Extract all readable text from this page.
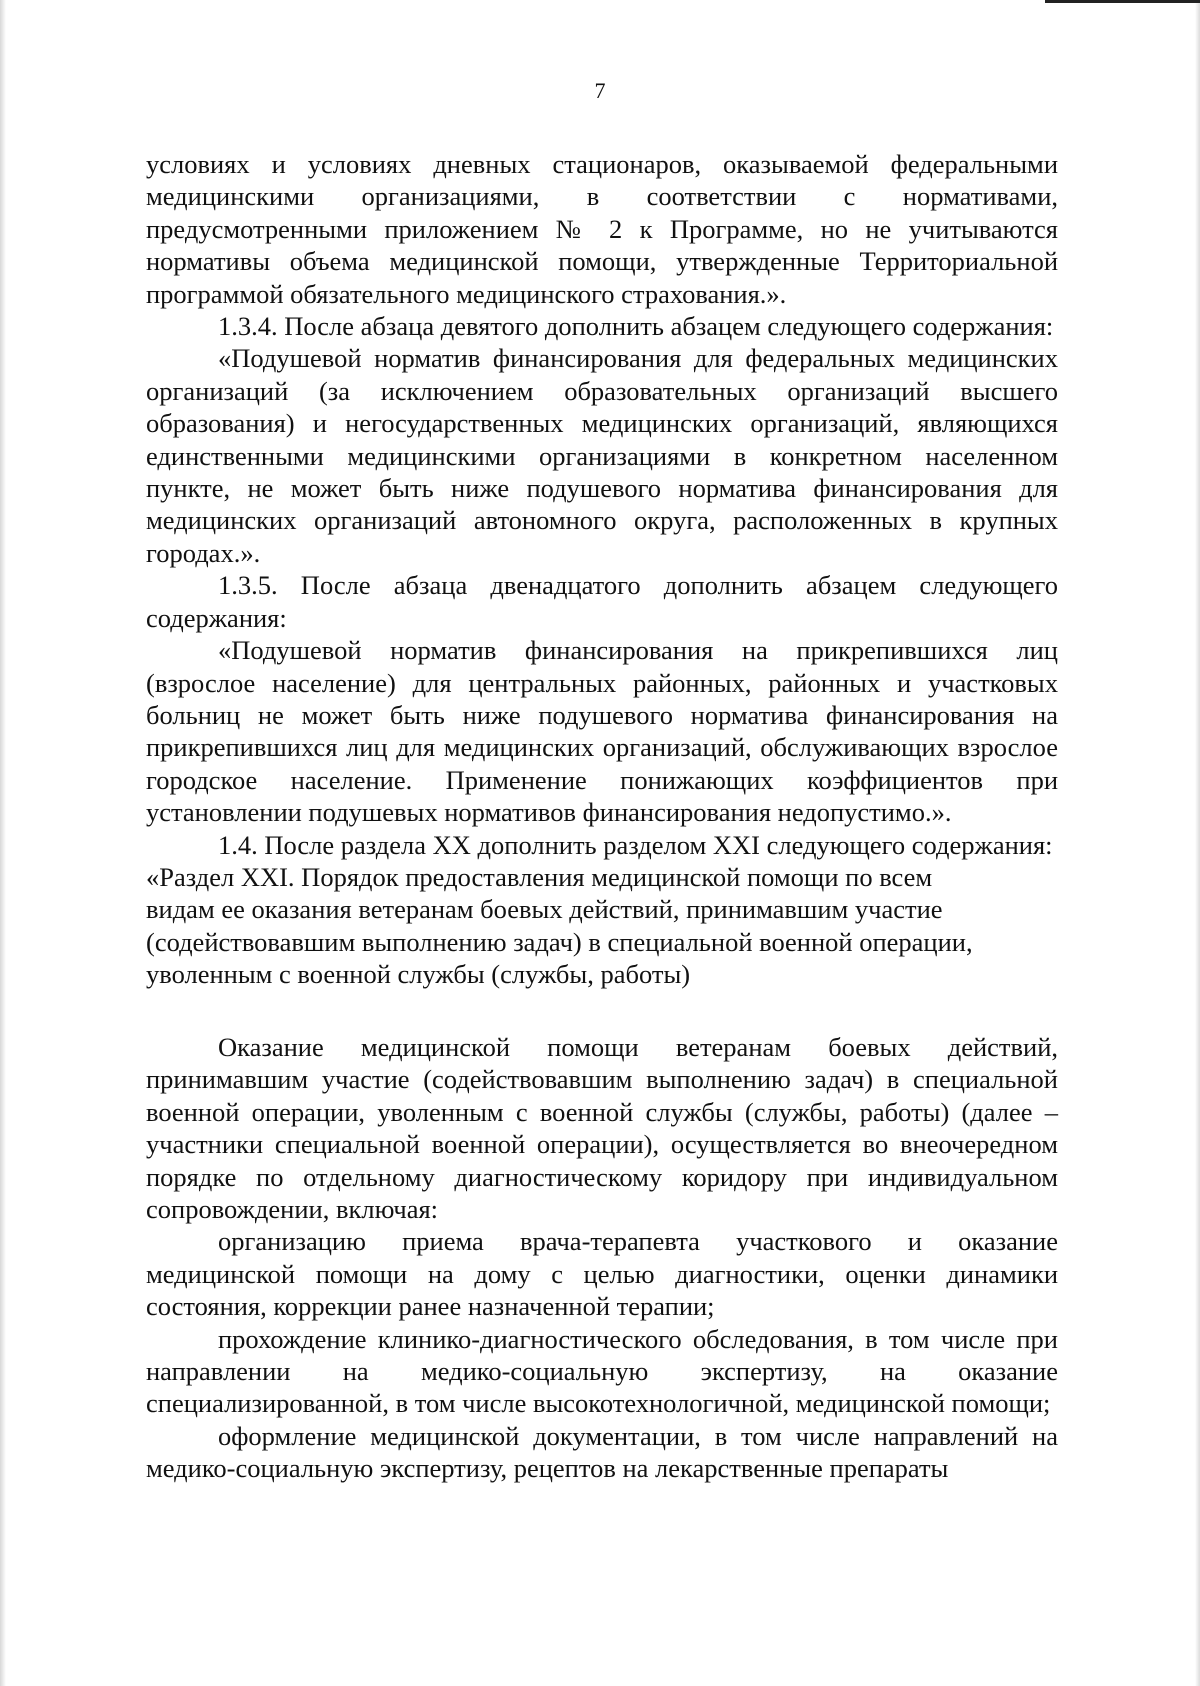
7

условиях и условиях дневных стационаров, оказываемой федеральными медицинскими организациями, в соответствии с нормативами, предусмотренными приложением № 2 к Программе, но не учитываются нормативы объема медицинской помощи, утвержденные Территориальной программой обязательного медицинского страхования.».

1.3.4. После абзаца девятого дополнить абзацем следующего содержания:

«Подушевой норматив финансирования для федеральных медицинских организаций (за исключением образовательных организаций высшего образования) и негосударственных медицинских организаций, являющихся единственными медицинскими организациями в конкретном населенном пункте, не может быть ниже подушевого норматива финансирования для медицинских организаций автономного округа, расположенных в крупных городах.».

1.3.5. После абзаца двенадцатого дополнить абзацем следующего содержания:

«Подушевой норматив финансирования на прикрепившихся лиц (взрослое население) для центральных районных, районных и участковых больниц не может быть ниже подушевого норматива финансирования на прикрепившихся лиц для медицинских организаций, обслуживающих взрослое городское население. Применение понижающих коэффициентов при установлении подушевых нормативов финансирования недопустимо.».

1.4. После раздела XX дополнить разделом XXI следующего содержания:

«Раздел XXI. Порядок предоставления медицинской помощи по всем

видам ее оказания ветеранам боевых действий, принимавшим участие

(содействовавшим выполнению задач) в специальной военной операции,

уволенным с военной службы (службы, работы)

Оказание медицинской помощи ветеранам боевых действий, принимавшим участие (содействовавшим выполнению задач) в специальной военной операции, уволенным с военной службы (службы, работы) (далее – участники специальной военной операции), осуществляется во внеочередном порядке по отдельному диагностическому коридору при индивидуальном сопровождении, включая:

организацию приема врача-терапевта участкового и оказание медицинской помощи на дому с целью диагностики, оценки динамики состояния, коррекции ранее назначенной терапии;

прохождение клинико-диагностического обследования, в том числе при направлении на медико-социальную экспертизу, на оказание специализированной, в том числе высокотехнологичной, медицинской помощи;

оформление медицинской документации, в том числе направлений на медико-социальную экспертизу, рецептов на лекарственные препараты
